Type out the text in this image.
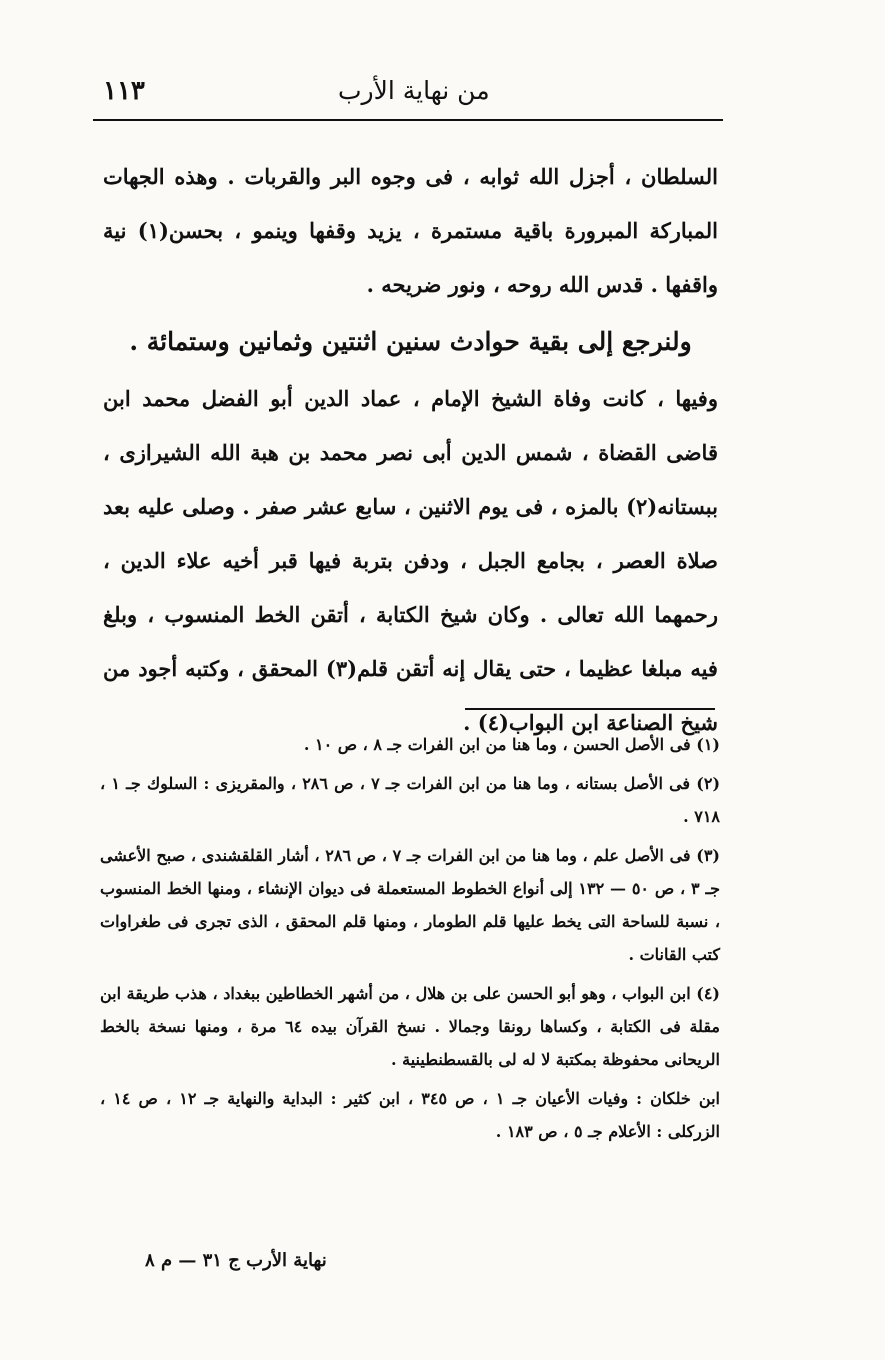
١١٣	من نهاية الأرب

السلطان ، أجزل الله ثوابه ، فى وجوه البر والقربات . وهذه الجهات المباركة المبرورة باقية مستمرة ، يزيد وقفها وينمو ، بحسن(١) نية واقفها . قدس الله روحه ، ونور ضريحه .

ولنرجع إلى بقية حوادث سنين اثنتين وثمانين وستمائة .

وفيها ، كانت وفاة الشيخ الإمام ، عماد الدين أبو الفضل محمد ابن قاضى القضاة ، شمس الدين أبى نصر محمد بن هبة الله الشيرازى ، ببستانه(٢) بالمزه ، فى يوم الاثنين ، سابع عشر صفر . وصلى عليه بعد صلاة العصر ، بجامع الجبل ، ودفن بتربة فيها قبر أخيه علاء الدين ، رحمهما الله تعالى . وكان شيخ الكتابة ، أتقن الخط المنسوب ، وبلغ فيه مبلغا عظيما ، حتى يقال إنه أتقن قلم(٣) المحقق ، وكتبه أجود من شيخ الصناعة ابن البواب(٤) .

(١) فى الأصل الحسن ، وما هنا من ابن الفرات جـ ٨ ، ص ١٠ .

(٢) فى الأصل بستانه ، وما هنا من ابن الفرات جـ ٧ ، ص ٢٨٦ ، والمقريزى : السلوك جـ ١ ، ٧١٨ .

(٣) فى الأصل علم ، وما هنا من ابن الفرات جـ ٧ ، ص ٢٨٦ ، أشار القلقشندى ، صبح الأعشى جـ ٣ ، ص ٥٠ — ١٣٢ إلى أنواع الخطوط المستعملة فى ديوان الإنشاء ، ومنها الخط المنسوب ، نسبة للساحة التى يخط عليها قلم الطومار ، ومنها قلم المحقق ، الذى تجرى فى طغراوات كتب القانات .

(٤) ابن البواب ، وهو أبو الحسن على بن هلال ، من أشهر الخطاطين ببغداد ، هذب طريقة ابن مقلة فى الكتابة ، وكساها رونقا وجمالا . نسخ القرآن بيده ٦٤ مرة ، ومنها نسخة بالخط الريحانى محفوظة بمكتبة لا له لى بالقسطنطينية .

ابن خلكان : وفيات الأعيان جـ ١ ، ص ٣٤٥ ، ابن كثير : البداية والنهاية جـ ١٢ ، ص ١٤ ، الزركلى : الأعلام جـ ٥ ، ص ١٨٣ .

نهاية الأرب ج ٣١ — م ٨
